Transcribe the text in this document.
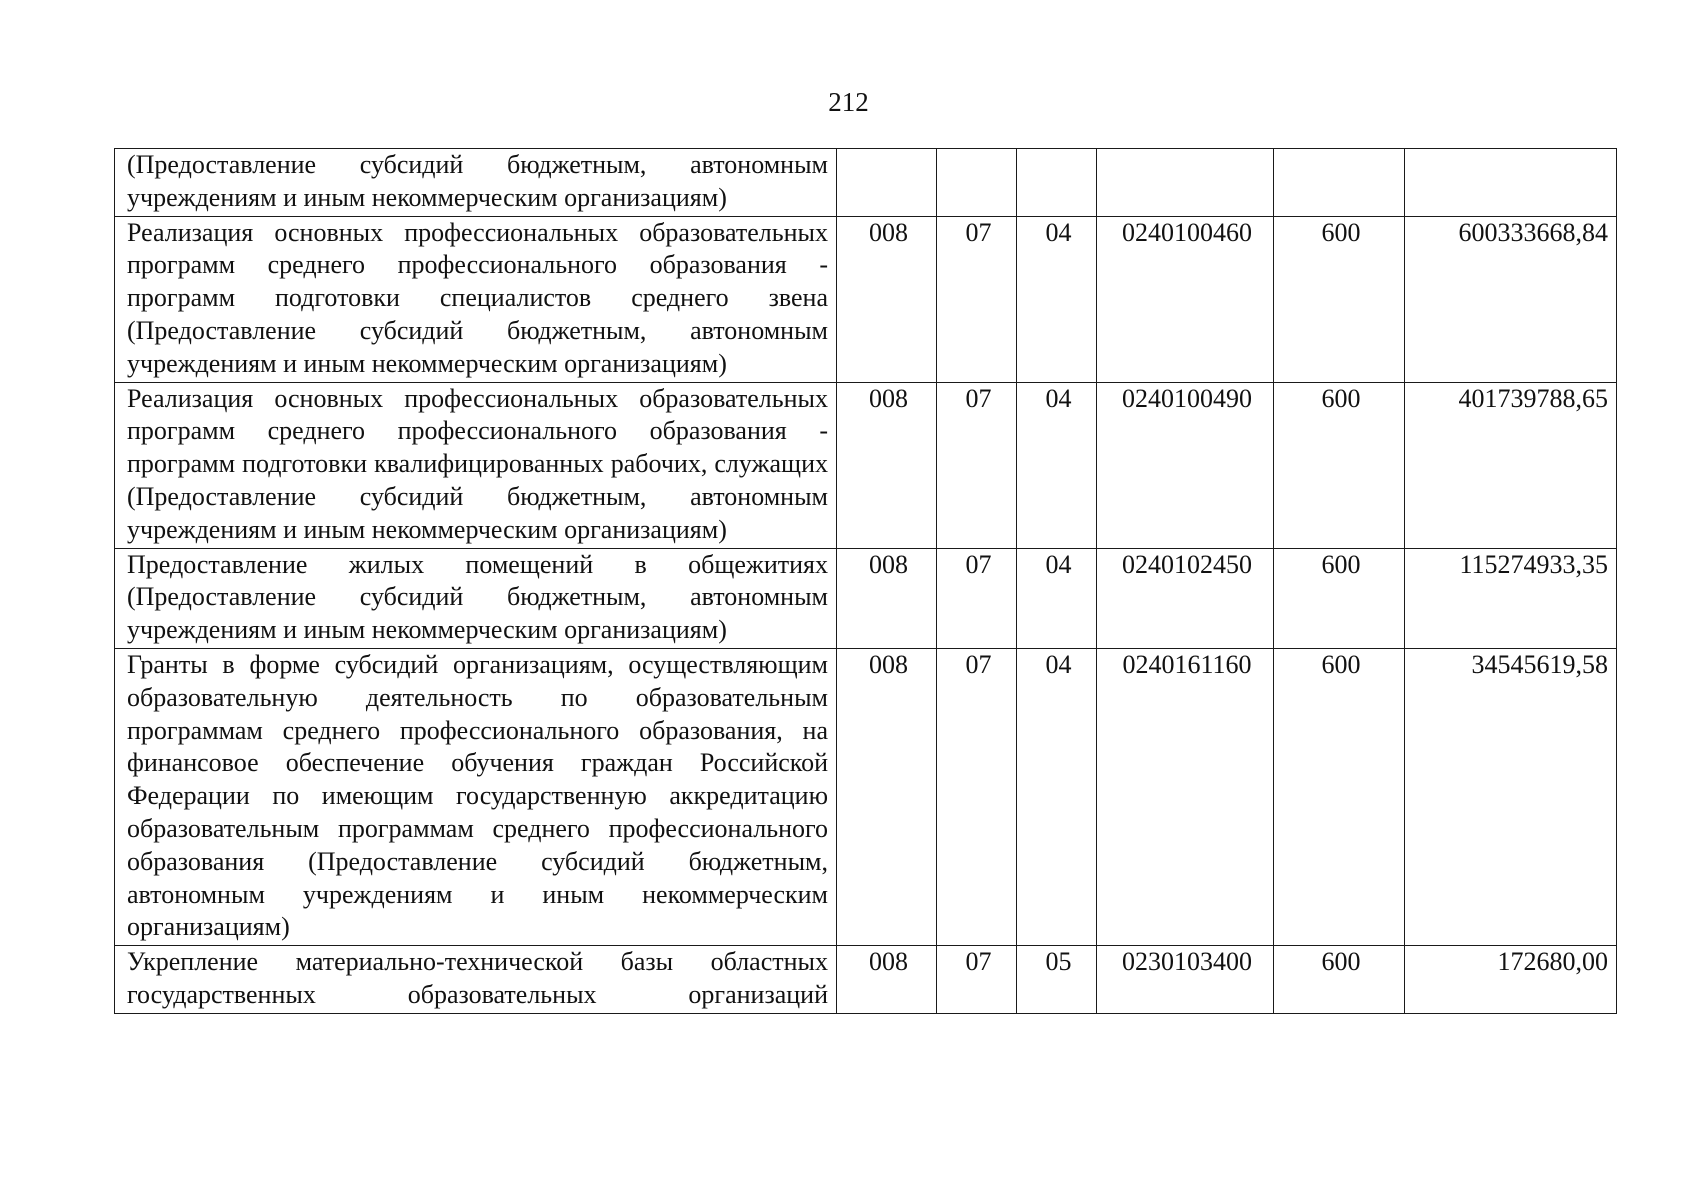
212
(Предоставление субсидий бюджетным, автономным учреждениям и иным некоммерческим организациям)						
Реализация основных профессиональных образовательных программ среднего профессионального образования - программ подготовки специалистов среднего звена (Предоставление субсидий бюджетным, автономным учреждениям и иным некоммерческим организациям)	008	07	04	0240100460	600	600333668,84
Реализация основных профессиональных образовательных программ среднего профессионального образования - программ подготовки квалифицированных рабочих, служащих (Предоставление субсидий бюджетным, автономным учреждениям и иным некоммерческим организациям)	008	07	04	0240100490	600	401739788,65
Предоставление жилых помещений в общежитиях (Предоставление субсидий бюджетным, автономным учреждениям и иным некоммерческим организациям)	008	07	04	0240102450	600	115274933,35
Гранты в форме субсидий организациям, осуществляющим образовательную деятельность по образовательным программам среднего профессионального образования, на финансовое обеспечение обучения граждан Российской Федерации по имеющим государственную аккредитацию образовательным программам среднего профессионального образования (Предоставление субсидий бюджетным, автономным учреждениям и иным некоммерческим организациям)	008	07	04	0240161160	600	34545619,58
Укрепление материально-технической базы областных государственных образовательных организаций	008	07	05	0230103400	600	172680,00
